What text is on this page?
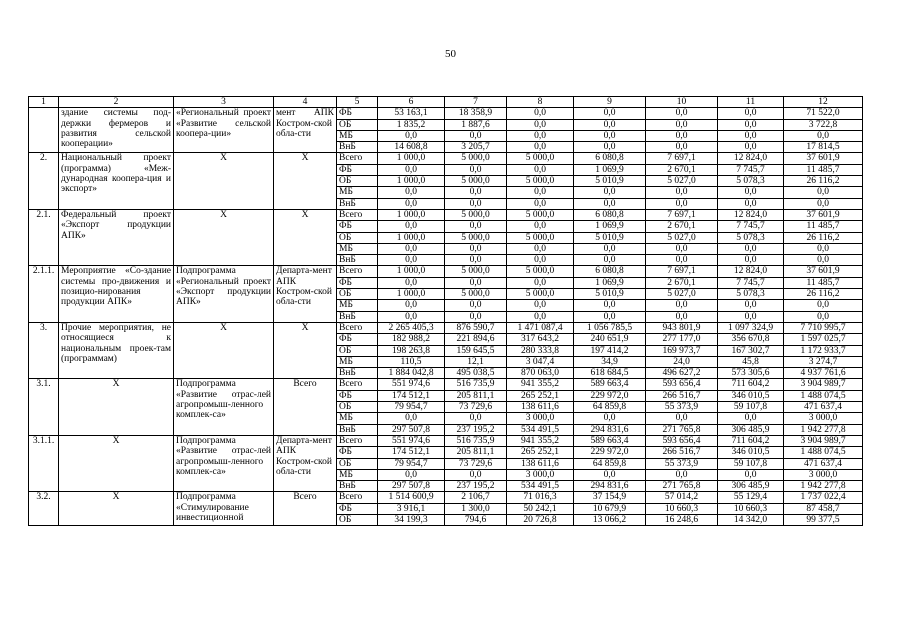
50
1	2	3	4	5	6	7	8	9	10	11	12
	здание системы под-держки фермеров и развития сельской кооперации»	«Региональный проект «Развитие сельской коопера-ции»	мент АПК Костром-ской обла-сти	ФБ	53 163,1	18 358,9	0,0	0,0	0,0	0,0	71 522,0
				ОБ	1 835,2	1 887,6	0,0	0,0	0,0	0,0	3 722,8
				МБ	0,0	0,0	0,0	0,0	0,0	0,0	0,0
				ВнБ	14 608,8	3 205,7	0,0	0,0	0,0	0,0	17 814,5
2.	Национальный проект (программа) «Меж-дународная коопера-ция и экспорт»	Х	Х	Всего	1 000,0	5 000,0	5 000,0	6 080,8	7 697,1	12 824,0	37 601,9
				ФБ	0,0	0,0	0,0	1 069,9	2 670,1	7 745,7	11 485,7
				ОБ	1 000,0	5 000,0	5 000,0	5 010,9	5 027,0	5 078,3	26 116,2
				МБ	0,0	0,0	0,0	0,0	0,0	0,0	0,0
				ВнБ	0,0	0,0	0,0	0,0	0,0	0,0	0,0
2.1.	Федеральный проект «Экспорт продукции АПК»	Х	Х	Всего	1 000,0	5 000,0	5 000,0	6 080,8	7 697,1	12 824,0	37 601,9
				ФБ	0,0	0,0	0,0	1 069,9	2 670,1	7 745,7	11 485,7
				ОБ	1 000,0	5 000,0	5 000,0	5 010,9	5 027,0	5 078,3	26 116,2
				МБ	0,0	0,0	0,0	0,0	0,0	0,0	0,0
				ВнБ	0,0	0,0	0,0	0,0	0,0	0,0	0,0
2.1.1.	Мероприятие «Со-здание системы про-движения и позицио-нирования продукции АПК»	Подпрограмма «Региональный проект «Экспорт продукции АПК»	Департа-мент АПК Костром-ской обла-сти	Всего	1 000,0	5 000,0	5 000,0	6 080,8	7 697,1	12 824,0	37 601,9
				ФБ	0,0	0,0	0,0	1 069,9	2 670,1	7 745,7	11 485,7
				ОБ	1 000,0	5 000,0	5 000,0	5 010,9	5 027,0	5 078,3	26 116,2
				МБ	0,0	0,0	0,0	0,0	0,0	0,0	0,0
				ВнБ	0,0	0,0	0,0	0,0	0,0	0,0	0,0
3.	Прочие мероприятия, не относящиеся к национальным проек-там (программам)	Х	Х	Всего	2 265 405,3	876 590,7	1 471 087,4	1 056 785,5	943 801,9	1 097 324,9	7 710 995,7
				ФБ	182 988,2	221 894,6	317 643,2	240 651,9	277 177,0	356 670,8	1 597 025,7
				ОБ	198 263,8	159 645,5	280 333,8	197 414,2	169 973,7	167 302,7	1 172 933,7
				МБ	110,5	12,1	3 047,4	34,9	24,0	45,8	3 274,7
				ВнБ	1 884 042,8	495 038,5	870 063,0	618 684,5	496 627,2	573 305,6	4 937 761,6
3.1.	Х	Подпрограмма «Развитие отрас-лей агропромыш-ленного комплек-са»	Всего	Всего	551 974,6	516 735,9	941 355,2	589 663,4	593 656,4	711 604,2	3 904 989,7
				ФБ	174 512,1	205 811,1	265 252,1	229 972,0	266 516,7	346 010,5	1 488 074,5
				ОБ	79 954,7	73 729,6	138 611,6	64 859,8	55 373,9	59 107,8	471 637,4
				МБ	0,0	0,0	3 000,0	0,0	0,0	0,0	3 000,0
				ВнБ	297 507,8	237 195,2	534 491,5	294 831,6	271 765,8	306 485,9	1 942 277,8
3.1.1.	Х	Подпрограмма «Развитие отрас-лей агропромыш-ленного комплек-са»	Департа-мент АПК Костром-ской обла-сти	Всего	551 974,6	516 735,9	941 355,2	589 663,4	593 656,4	711 604,2	3 904 989,7
				ФБ	174 512,1	205 811,1	265 252,1	229 972,0	266 516,7	346 010,5	1 488 074,5
				ОБ	79 954,7	73 729,6	138 611,6	64 859,8	55 373,9	59 107,8	471 637,4
				МБ	0,0	0,0	3 000,0	0,0	0,0	0,0	3 000,0
				ВнБ	297 507,8	237 195,2	534 491,5	294 831,6	271 765,8	306 485,9	1 942 277,8
3.2.	Х	Подпрограмма «Стимулирование инвестиционной	Всего	Всего	1 514 600,9	2 106,7	71 016,3	37 154,9	57 014,2	55 129,4	1 737 022,4
				ФБ	3 916,1	1 300,0	50 242,1	10 679,9	10 660,3	10 660,3	87 458,7
				ОБ	34 199,3	794,6	20 726,8	13 066,2	16 248,6	14 342,0	99 377,5
